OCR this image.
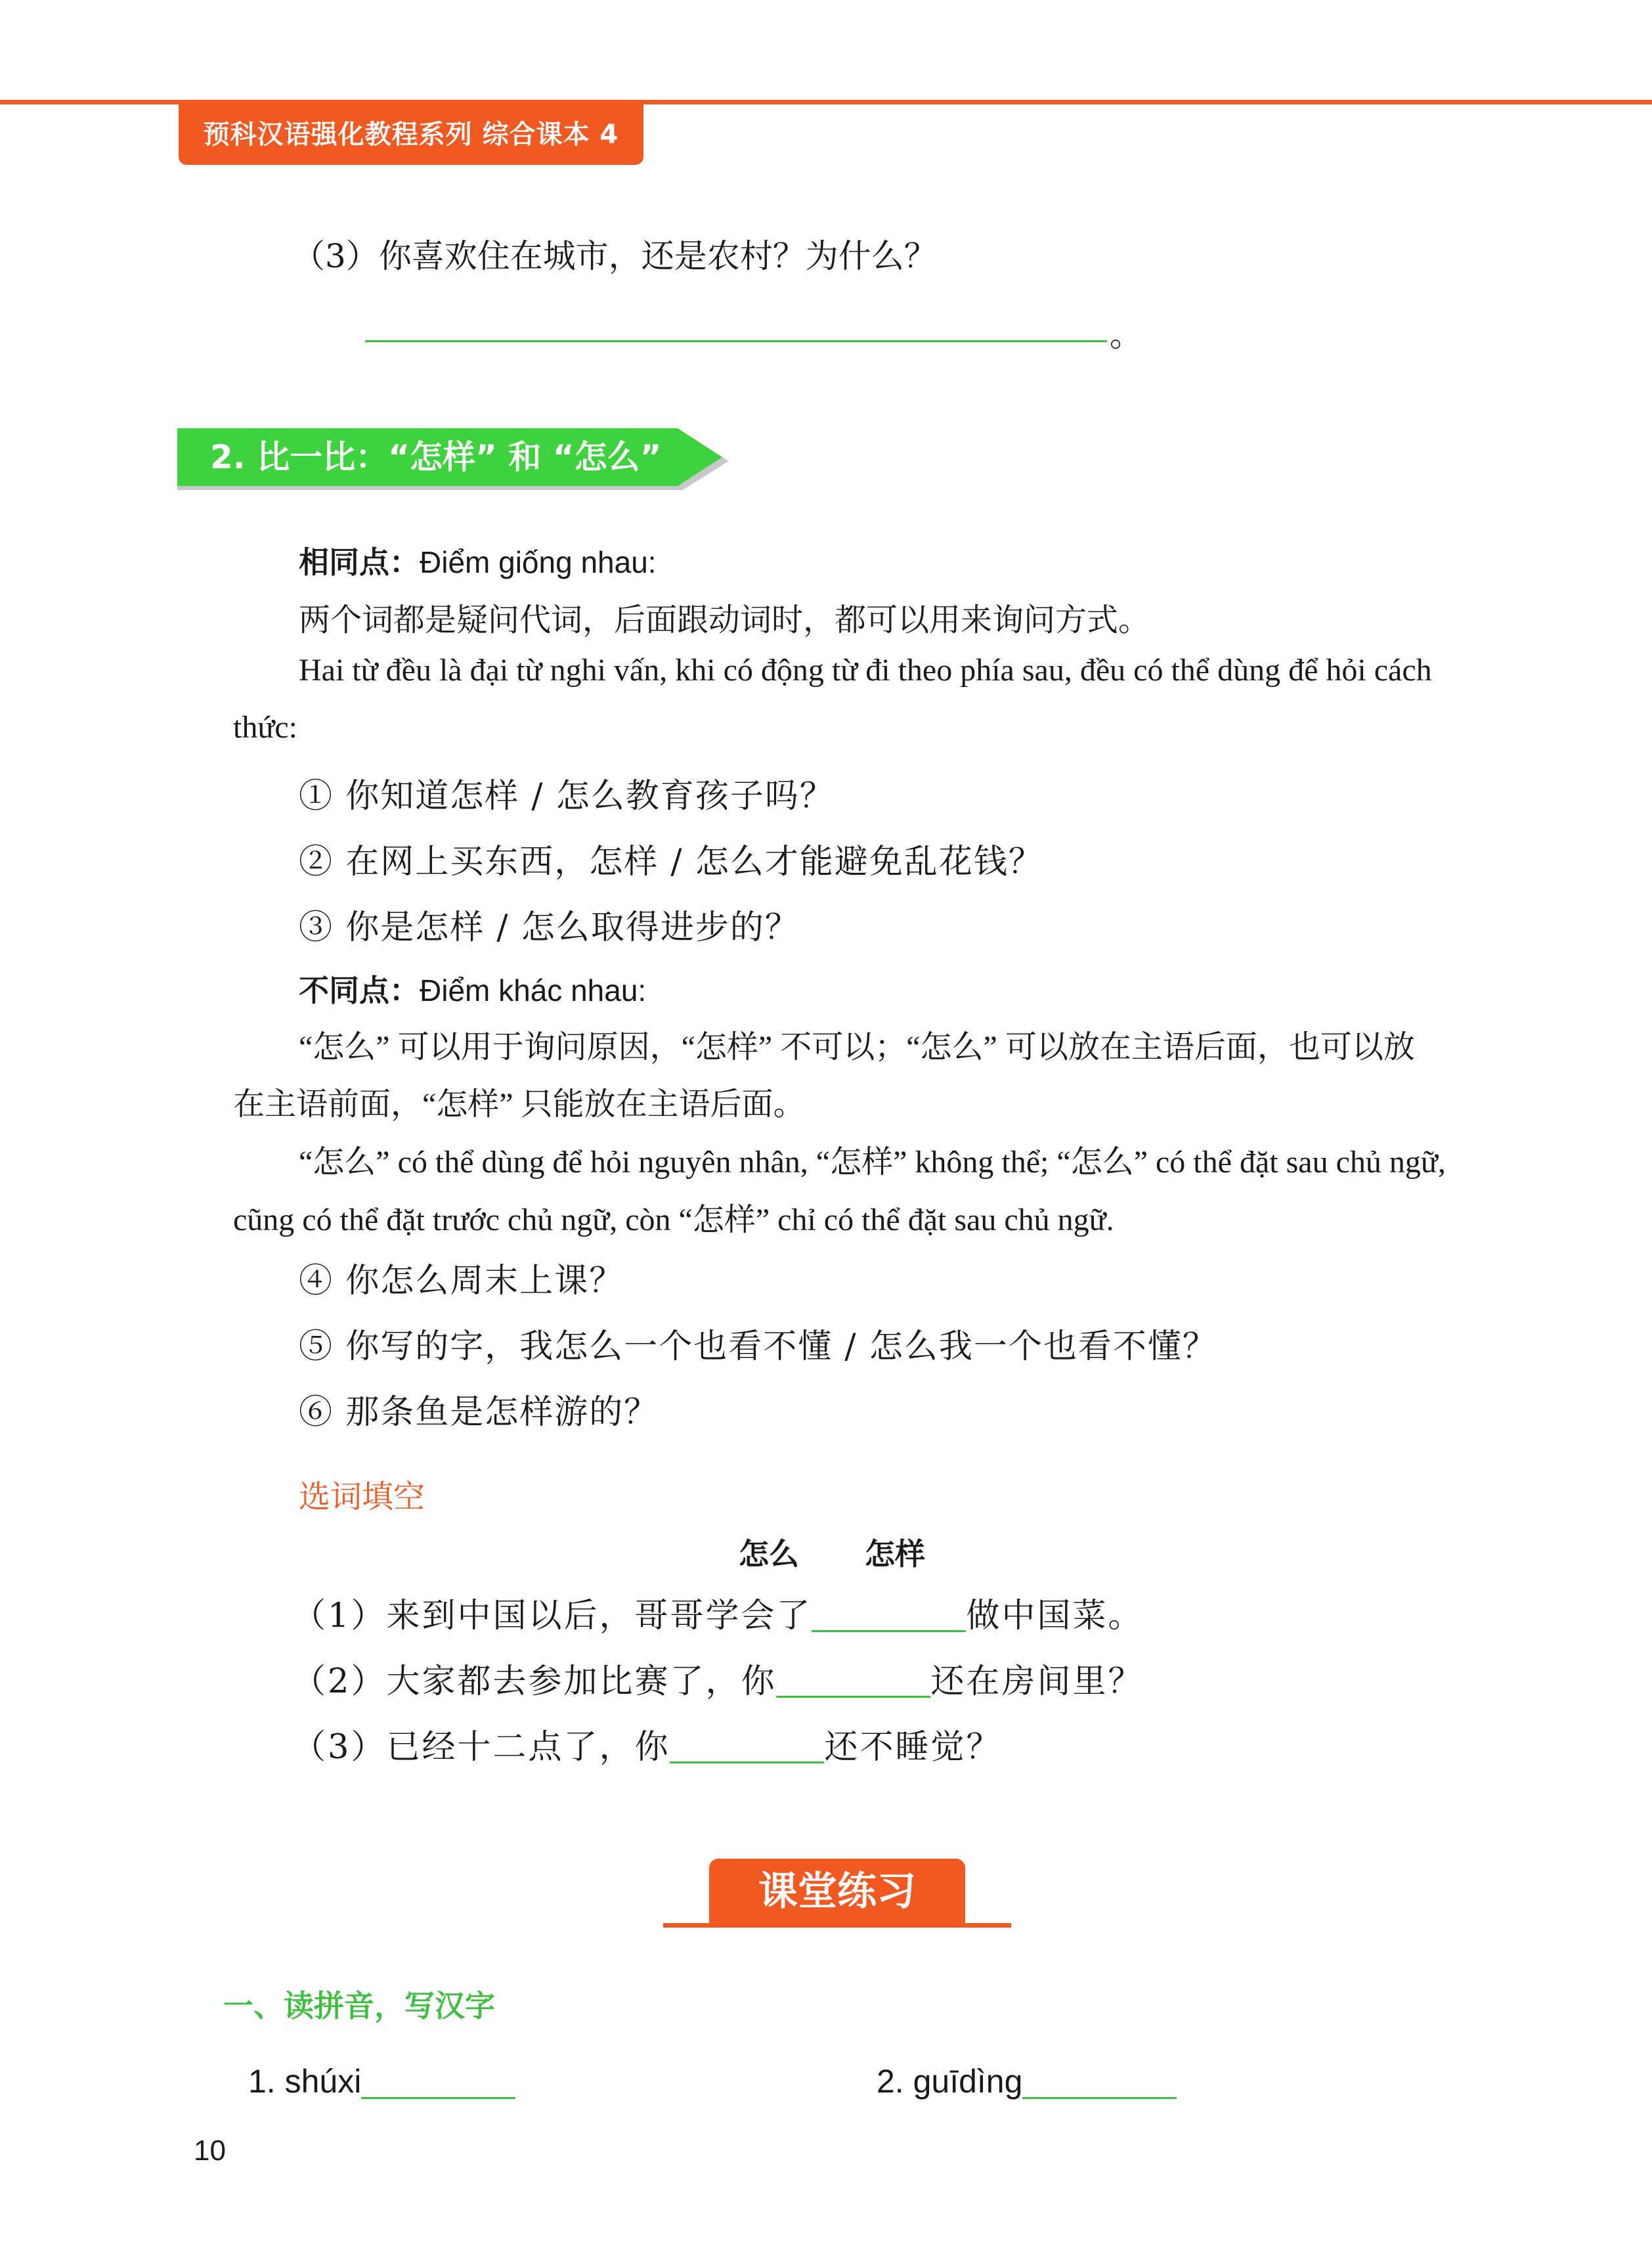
预科汉语强化教程系列 综合课本 4
（3）你喜欢住在城市，还是农村？为什么？
。
2. 比一比：“怎样” 和 “怎么”
相同点：Điểm giống nhau:
两个词都是疑问代词，后面跟动词时，都可以用来询问方式。
Hai từ đều là đại từ nghi vấn, khi có động từ đi theo phía sau, đều có thể dùng để hỏi cách
thức:
① 你知道怎样 / 怎么教育孩子吗？
② 在网上买东西，怎样 / 怎么才能避免乱花钱？
③ 你是怎样 / 怎么取得进步的？
不同点：Điểm khác nhau:
“怎么” 可以用于询问原因，“怎样” 不可以；“怎么” 可以放在主语后面，也可以放
在主语前面，“怎样” 只能放在主语后面。
“怎么” có thể dùng để hỏi nguyên nhân, “怎样” không thể; “怎么” có thể đặt sau chủ ngữ,
cũng có thể đặt trước chủ ngữ, còn “怎样” chỉ có thể đặt sau chủ ngữ.
④ 你怎么周末上课？
⑤ 你写的字，我怎么一个也看不懂 / 怎么我一个也看不懂？
⑥ 那条鱼是怎样游的？
选词填空
怎么 怎样
（1）来到中国以后，哥哥学会了	做中国菜。
（2）大家都去参加比赛了，你	还在房间里？
（3）已经十二点了，你	还不睡觉？
课堂练习
一、读拼音，写汉字
1. shúxi	2. guīdìng
10
